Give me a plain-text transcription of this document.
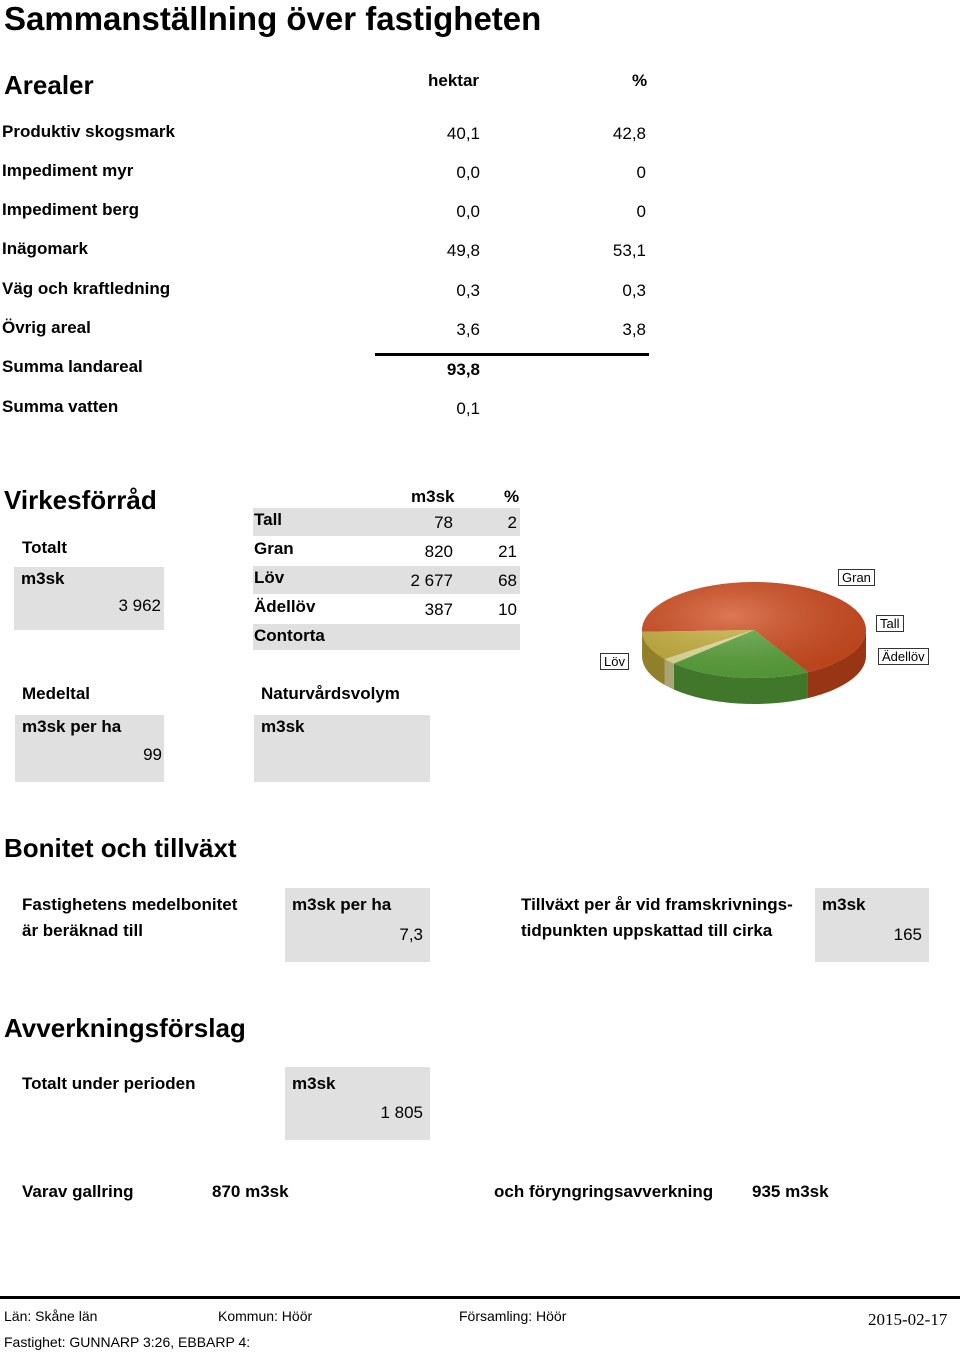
Sammanställning över fastigheten
Arealer	hektar	%
Produktiv skogsmark	40,1	42,8
Impediment myr	0,0	0
Impediment berg	0,0	0
Inägomark	49,8	53,1
Väg och kraftledning	0,3	0,3
Övrig areal	3,6	3,8
Summa landareal	93,8
Summa vatten	0,1
Virkesförråd
Totalt
m3sk
3 962
m3sk	%
Tall	78	2
Gran	820	21
Löv	2 677	68
Ädellöv	387	10
Contorta
Gran
Tall
Ädellöv
Löv
Medeltal
m3sk per ha
99
Naturvårdsvolym
m3sk
Bonitet och tillväxt
Fastighetens medelbonitet
är beräknad till
m3sk per ha
7,3
Tillväxt per år vid framskrivnings-
tidpunkten uppskattad till cirka
m3sk
165
Avverkningsförslag
Totalt under perioden	m3sk
1 805
Varav gallring	870 m3sk	och föryngringsavverkning 935 m3sk
Län: Skåne län	Kommun: Höör	Församling: Höör	2015-02-17
Fastighet: GUNNARP 3:26, EBBARP 4:
